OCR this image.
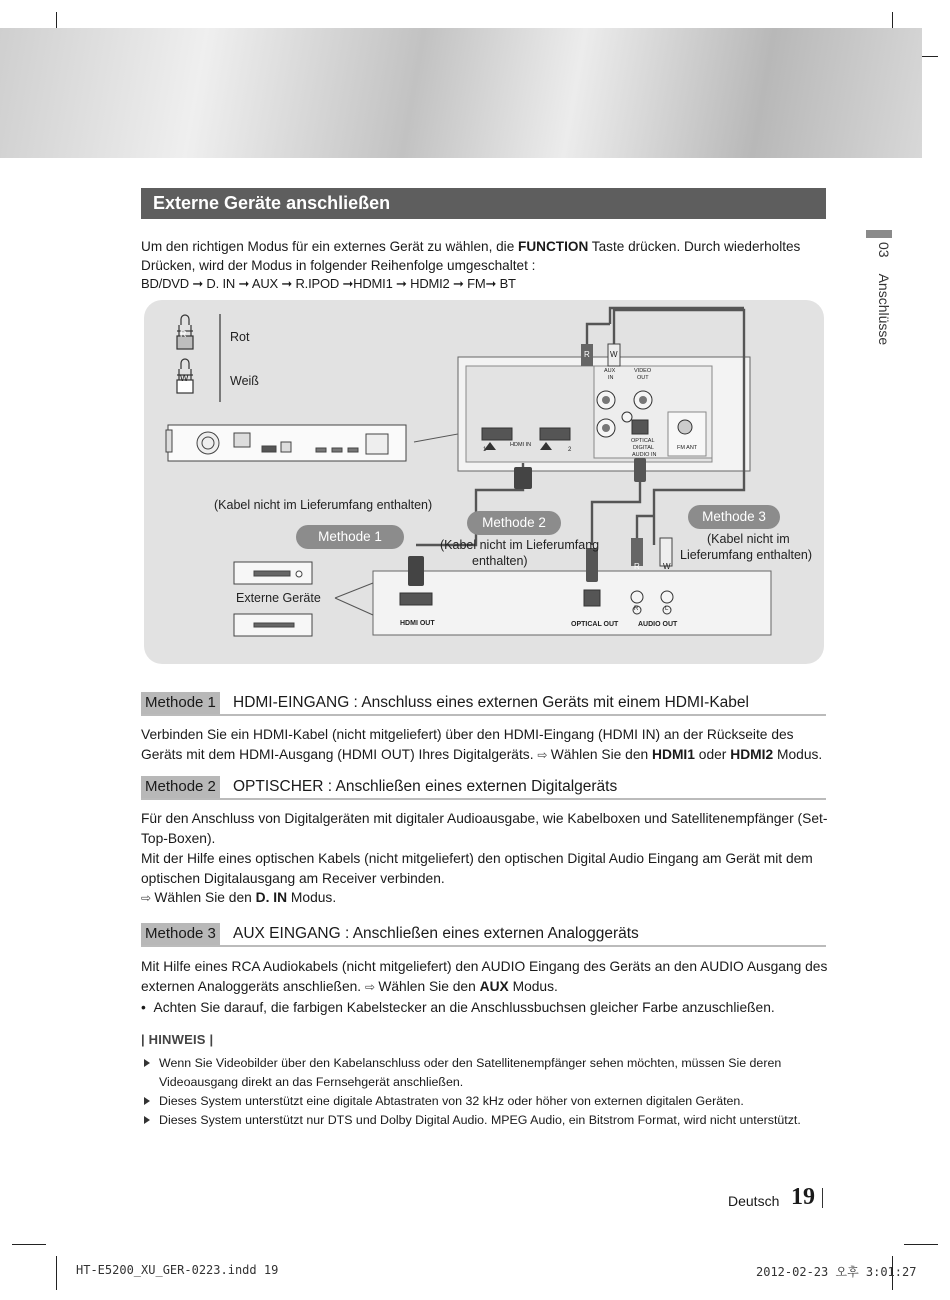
Externe Geräte anschließen
03Anschlüsse
Um den richtigen Modus für ein externes Gerät zu wählen, die FUNCTION Taste drücken. Durch wiederholtes Drücken, wird der Modus in folgender Reihenfolge umgeschaltet :
BD/DVD ➞ D. IN ➞ AUX ➞ R.IPOD ➞HDMI1 ➞ HDMI2 ➞ FM➞ BT
R
W
Rot
Weiß
HDMI IN
1	2
AUX
IN
VIDEO
OUT
OPTICAL
DIGITAL
AUDIO IN
FM ANT
R	W
R	W
(Kabel nicht im Lieferumfang enthalten)
Methode 1
Methode 2
(Kabel nicht im Lieferumfang
enthalten)
Methode 3
(Kabel nicht im
Lieferumfang enthalten)
Externe Geräte
HDMI OUT	OPTICAL OUT	AUDIO OUT
R	L
Methode 1 HDMI-EINGANG : Anschluss eines externen Geräts mit einem HDMI-Kabel
Verbinden Sie ein HDMI-Kabel (nicht mitgeliefert) über den HDMI-Eingang (HDMI IN) an der Rückseite des Geräts mit dem HDMI-Ausgang (HDMI OUT) Ihres Digitalgeräts. ⇨ Wählen Sie den HDMI1 oder HDMI2 Modus.
Methode 2 OPTISCHER : Anschließen eines externen Digitalgeräts
Für den Anschluss von Digitalgeräten mit digitaler Audioausgabe, wie Kabelboxen und Satellitenempfänger (Set-Top-Boxen).
Mit der Hilfe eines optischen Kabels (nicht mitgeliefert) den optischen Digital Audio Eingang am Gerät mit dem optischen Digitalausgang am Receiver verbinden.
⇨ Wählen Sie den D. IN Modus.
Methode 3 AUX EINGANG : Anschließen eines externen Analoggeräts
Mit Hilfe eines RCA Audiokabels (nicht mitgeliefert) den AUDIO Eingang des Geräts an den AUDIO Ausgang des externen Analoggeräts anschließen. ⇨ Wählen Sie den AUX Modus.
•  Achten Sie darauf, die farbigen Kabelstecker an die Anschlussbuchsen gleicher Farbe anzuschließen.
| HINWEIS |
Wenn Sie Videobilder über den Kabelanschluss oder den Satellitenempfänger sehen möchten, müssen Sie deren
Videoausgang direkt an das Fernsehgerät anschließen.
Dieses System unterstützt eine digitale Abtastraten von 32 kHz oder höher von externen digitalen Geräten.
Dieses System unterstützt nur DTS und Dolby Digital Audio. MPEG Audio, ein Bitstrom Format, wird nicht unterstützt.
Deutsch 19
HT-E5200_XU_GER-0223.indd 19	2012-02-23 오후 3:01:27
